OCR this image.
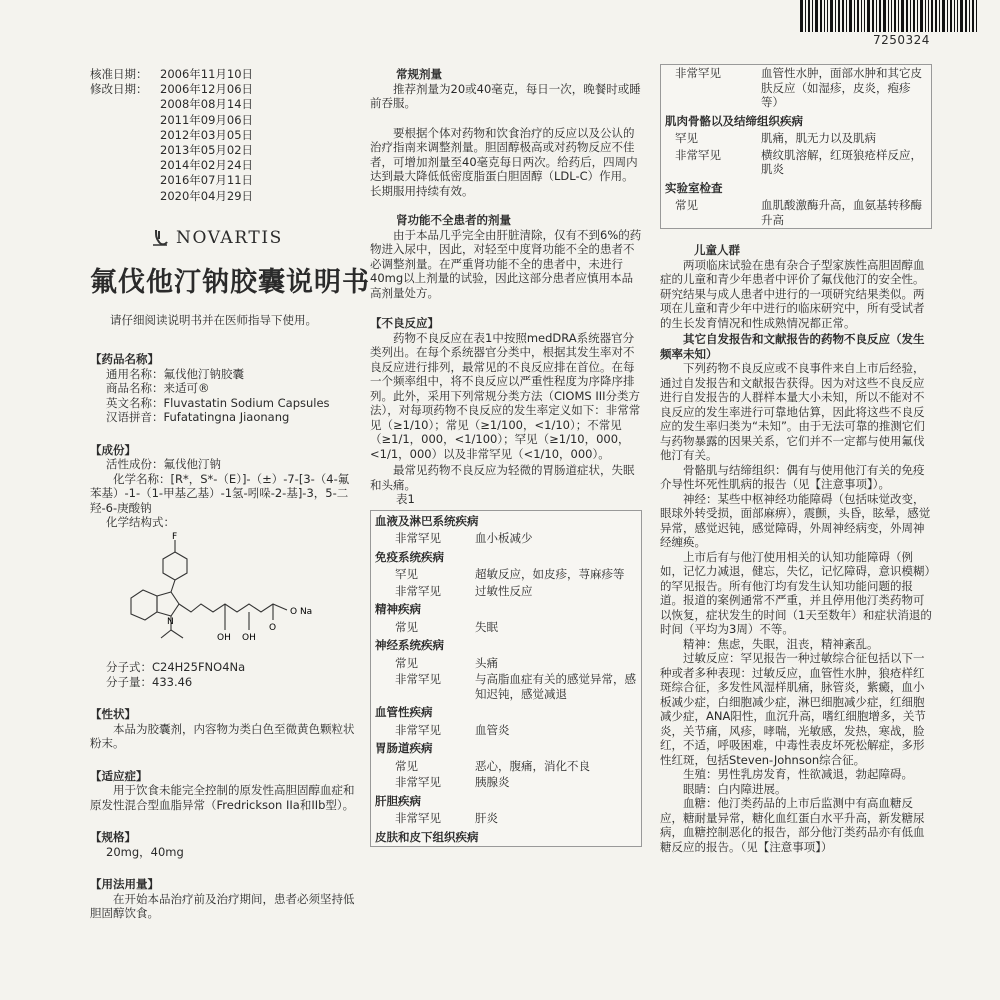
7250324
核准日期：	2006年11月10日
修改日期：	2006年12月06日
2008年08月14日
2011年09月06日
2012年03月05日
2013年05月02日
2014年02月24日
2016年07月11日
2020年04月29日
NOVARTIS
氟伐他汀钠胶囊说明书
请仔细阅读说明书并在医师指导下使用。
【药品名称】
通用名称：氟伐他汀钠胶囊
商品名称：来适可®
英文名称：Fluvastatin Sodium Capsules
汉语拼音：Fufatatingna Jiaonang
【成份】
活性成份：氟伐他汀钠
化学名称：[R*，S*-（E）]-（±）-7-[3-（4-氟苯基）-1-（1-甲基乙基）-1氢-吲哚-2-基]-3，5-二羟-6-庚酸钠
化学结构式：
F
N
OH OH
O
O Na
分子式：C24H25FNO4Na
分子量：433.46
【性状】
本品为胶囊剂，内容物为类白色至微黄色颗粒状粉末。
【适应症】
用于饮食未能完全控制的原发性高胆固醇血症和原发性混合型血脂异常（Fredrickson IIa和IIb型）。
【规格】
20mg，40mg
【用法用量】
在开始本品治疗前及治疗期间，患者必须坚持低胆固醇饮食。
常规剂量
推荐剂量为20或40毫克，每日一次，晚餐时或睡前吞服。
要根据个体对药物和饮食治疗的反应以及公认的治疗指南来调整剂量。胆固醇极高或对药物反应不佳者，可增加剂量至40毫克每日两次。给药后，四周内达到最大降低低密度脂蛋白胆固醇（LDL-C）作用。长期服用持续有效。
肾功能不全患者的剂量
由于本品几乎完全由肝脏清除，仅有不到6%的药物进入尿中，因此，对轻至中度肾功能不全的患者不必调整剂量。在严重肾功能不全的患者中，未进行40mg以上剂量的试验，因此这部分患者应慎用本品高剂量处方。
【不良反应】
药物不良反应在表1中按照medDRA系统器官分类列出。在每个系统器官分类中，根据其发生率对不良反应进行排列，最常见的不良反应排在首位。在每一个频率组中，将不良反应以严重性程度为序降序排列。此外，采用下列常规分类方法（CIOMS III分类方法），对每项药物不良反应的发生率定义如下：非常常见（≥1/10）；常见（≥1/100，<1/10）；不常见（≥1/1，000，<1/100）；罕见（≥1/10，000，<1/1，000）以及非常罕见（<1/10，000）。
最常见药物不良反应为轻微的胃肠道症状，失眠和头痛。
表1
血液及淋巴系统疾病
非常罕见	血小板减少
免疫系统疾病
罕见	超敏反应，如皮疹，荨麻疹等
非常罕见	过敏性反应
精神疾病
常见	失眠
神经系统疾病
常见	头痛
非常罕见	与高脂血症有关的感觉异常，感知迟钝，感觉减退
血管性疾病
非常罕见	血管炎
胃肠道疾病
常见	恶心，腹痛，消化不良
非常罕见	胰腺炎
肝胆疾病
非常罕见	肝炎
皮肤和皮下组织疾病
非常罕见	血管性水肿，面部水肿和其它皮肤反应（如湿疹，皮炎，疱疹等）
肌肉骨骼以及结缔组织疾病
罕见	肌痛，肌无力以及肌病
非常罕见	横纹肌溶解，红斑狼疮样反应，肌炎
实验室检查
常见	血肌酸激酶升高，血氨基转移酶升高
儿童人群
两项临床试验在患有杂合子型家族性高胆固醇血症的儿童和青少年患者中评价了氟伐他汀的安全性。研究结果与成人患者中进行的一项研究结果类似。两项在儿童和青少年中进行的临床研究中，所有受试者的生长发育情况和性成熟情况都正常。
其它自发报告和文献报告的药物不良反应（发生频率未知）
下列药物不良反应或不良事件来自上市后经验，通过自发报告和文献报告获得。因为对这些不良反应进行自发报告的人群样本量大小未知，所以不能对不良反应的发生率进行可靠地估算，因此将这些不良反应的发生率归类为“未知”。由于无法可靠的推测它们与药物暴露的因果关系，它们并不一定都与使用氟伐他汀有关。
骨骼肌与结缔组织：偶有与使用他汀有关的免疫介导性坏死性肌病的报告（见【注意事项】）。
神经：某些中枢神经功能障碍（包括味觉改变，眼球外转受损，面部麻痹），震颤，头昏，眩晕，感觉异常，感觉迟钝，感觉障碍，外周神经病变，外周神经缠痪。
上市后有与他汀使用相关的认知功能障碍（例如，记忆力减退，健忘，失忆，记忆障碍，意识模糊）的罕见报告。所有他汀均有发生认知功能问题的报道。报道的案例通常不严重，并且停用他汀类药物可以恢复，症状发生的时间（1天至数年）和症状消退的时间（平均为3周）不等。
精神：焦虑，失眠，沮丧，精神紊乱。
过敏反应：罕见报告一种过敏综合征包括以下一种或者多种表现：过敏反应，血管性水肿，狼疮样红斑综合征，多发性风湿样肌痛，脉管炎，紫癜，血小板减少症，白细胞减少症，淋巴细胞减少症，红细胞减少症，ANA阳性，血沉升高，嗜红细胞增多，关节炎，关节痛，风疹，哮喘，光敏感，发热，寒战，脸红，不适，呼吸困难，中毒性表皮坏死松解症，多形性红斑，包括Steven-Johnson综合征。
生殖：男性乳房发育，性欲减退，勃起障碍。
眼睛：白内障进展。
血糖：他汀类药品的上市后监测中有高血糖反应，糖耐量异常，糖化血红蛋白水平升高，新发糖尿病，血糖控制恶化的报告，部分他汀类药品亦有低血糖反应的报告。（见【注意事项】）
